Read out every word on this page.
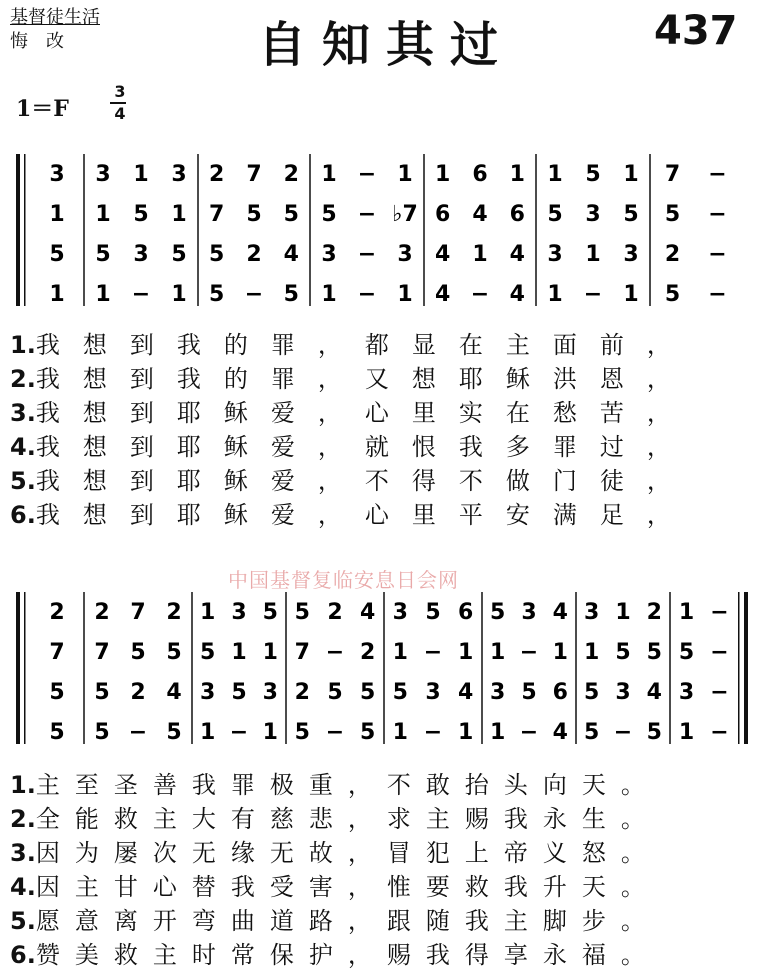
基督徒生活
悔　改	自知其过	437
1＝F
3
4
3 3 1 3 2 7 2 1 − 1 1 6 1 1 5 1 7 −
1 1 5 1 7 5 5 5 − ♭7 6 4 6 5 3 5 5 −
5 5 3 5 5 2 4 3 − 3 4 1 4 3 1 3 2 −
1 1 − 1 5 − 5 1 − 1 4 − 4 1 − 1 5 −
1.我想到我的罪，都显在主面前，
2.我想到我的罪，又想耶稣洪恩，
3.我想到耶稣爱，心里实在愁苦，
4.我想到耶稣爱，就恨我多罪过，
5.我想到耶稣爱，不得不做门徒，
6.我想到耶稣爱，心里平安满足，
中国基督复临安息日会网
2 2 7 2 1 3 5 5 2 4 3 5 6 5 3 4 3 1 2 1 −
7 7 5 5 5 1 1 7 − 2 1 − 1 1 − 1 1 5 5 5 −
5 5 2 4 3 5 3 2 5 5 5 3 4 3 5 6 5 3 4 3 −
5 5 − 5 1 − 1 5 − 5 1 − 1 1 − 4 5 − 5 1 −
1.主至圣善我罪极重，不敢抬头向天。
2.全能救主大有慈悲，求主赐我永生。
3.因为屡次无缘无故，冒犯上帝义怒。
4.因主甘心替我受害，惟要救我升天。
5.愿意离开弯曲道路，跟随我主脚步。
6.赞美救主时常保护，赐我得享永福。
